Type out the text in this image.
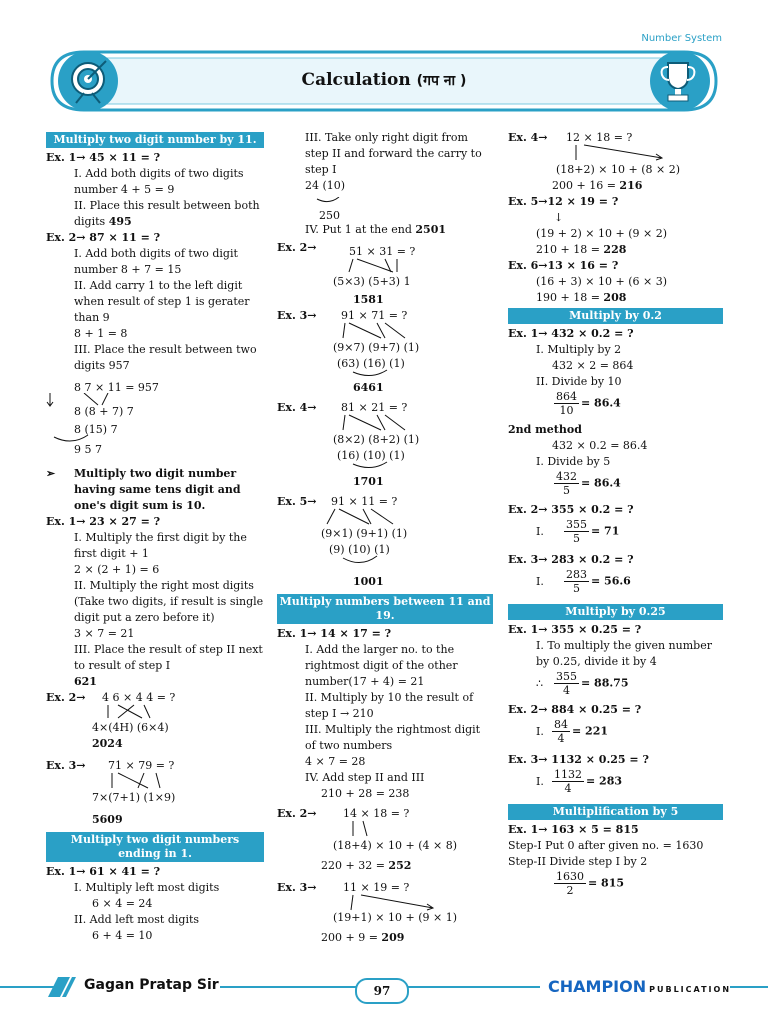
Number System
Calculation (गप ना )
Multiply two digit number by 11.
Ex. 1→ 45 × 11 = ?
I. Add both digits of two digits number 4 + 5 = 9
II. Place this result between both digits 495
Ex. 2→ 87 × 11 = ?
I. Add both digits of two digit number 8 + 7 = 15
II. Add carry 1 to the left digit when result of step 1 is gerater than 9
8 + 1 = 8
III. Place the result between two digits 957
8 7 × 11 = 957
8 (8 + 7) 7
8 (15) 7
9 5 7
➢ Multiply two digit number having same tens digit and one's digit sum is 10.
Ex. 1→ 23 × 27 = ?
I. Multiply the first digit by the first digit + 1
2 × (2 + 1) = 6
II. Multiply the right most digits (Take two digits, if result is single digit put a zero before it)
3 × 7 = 21
III. Place the result of step II next to result of step I
621
Ex. 2→ 4 6 × 4 4 = ?
4×(4H) (6×4)
2024
Ex. 3→ 71 × 79 = ?
7×(7+1) (1×9)
5609
Multiply two digit numbers ending in 1.
Ex. 1→ 61 × 41 = ?
I. Multiply left most digits
6 × 4 = 24
II. Add left most digits
6 + 4 = 10
III. Take only right digit from step II and forward the carry to step I
24 (10)
250
IV. Put 1 at the end 2501
Ex. 2→	51 × 31 = ?
(5×3) (5+3) 1
1581
Ex. 3→ 91 × 71 = ?
(9×7) (9+7) (1)
(63) (16) (1)
6461
Ex. 4→ 81 × 21 = ?
(8×2) (8+2) (1)
(16) (10) (1)
1701
Ex. 5→ 91 × 11 = ?
(9×1) (9+1) (1)
(9) (10) (1)
1001
Multiply numbers between 11 and 19.
Ex. 1→ 14 × 17 = ?
I. Add the larger no. to the rightmost digit of the other number(17 + 4) = 21
II. Multiply by 10 the result of step I → 210
III. Multiply the rightmost digit of two numbers
4 × 7 = 28
IV. Add step II and III
210 + 28 = 238
Ex. 2→ 14 × 18 = ?
(18+4) × 10 + (4 × 8)
220 + 32 = 252
Ex. 3→ 11 × 19 = ?
(19+1) × 10 + (9 × 1)
200 + 9 = 209
Ex. 4→ 12 × 18 = ?
(18+2) × 10 + (8 × 2)
200 + 16 = 216
Ex. 5→12 × 19 = ?
↓
(19 + 2) × 10 + (9 × 2)
210 + 18 = 228
Ex. 6→13 × 16 = ?
(16 + 3) × 10 + (6 × 3)
190 + 18 = 208
Multiply by 0.2
Ex. 1→ 432 × 0.2 = ?
I. Multiply by 2
432 × 2 = 864
II. Divide by 10
$\frac{864}{10} = 86.4$
2nd method
432 × 0.2 = 86.4
I. Divide by 5
$\frac{432}{5} = 86.4$
Ex. 2→ 355 × 0.2 = ?
I. $\frac{355}{5} = 71$
Ex. 3→ 283 × 0.2 = ?
I. $\frac{283}{5} = 56.6$
Multiply by 0.25
Ex. 1→ 355 × 0.25 = ?
I. To multiply the given number by 0.25, divide it by 4
∴ $\frac{355}{4} = 88.75$
Ex. 2→ 884 × 0.25 = ?
I. $\frac{84}{4} = 221$
Ex. 3→ 1132 × 0.25 = ?
I. $\frac{1132}{4} = 283$
Multiplification by 5
Ex. 1→ 163 × 5 = 815
Step-I Put 0 after given no. = 1630
Step-II Divide step I by 2
$\frac{1630}{2} = 815$
Gagan Pratap Sir	97	CHAMPION PUBLICATION
